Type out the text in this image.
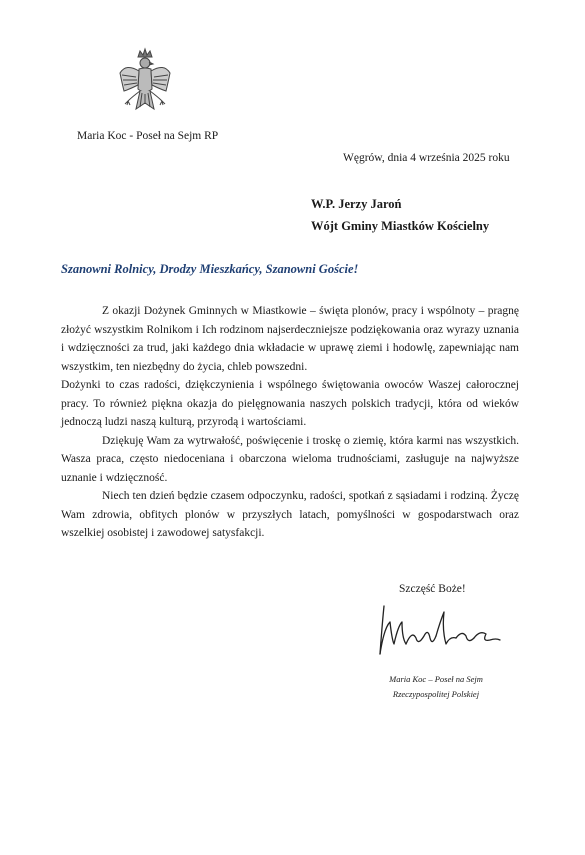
Maria Koc - Poseł na Sejm RP
Węgrów, dnia 4 września 2025 roku
W.P. Jerzy Jaroń
Wójt Gminy Miastków Kościelny
Szanowni Rolnicy, Drodzy Mieszkańcy, Szanowni Goście!

Z okazji Dożynek Gminnych w Miastkowie – święta plonów, pracy i wspólnoty – pragnę złożyć wszystkim Rolnikom i Ich rodzinom najserdeczniejsze podziękowania oraz wyrazy uznania i wdzięczności za trud, jaki każdego dnia wkładacie w uprawę ziemi i hodowlę, zapewniając nam wszystkim, ten niezbędny do życia, chleb powszedni.

Dożynki to czas radości, dziękczynienia i wspólnego świętowania owoców Waszej całorocznej pracy. To również piękna okazja do pielęgnowania naszych polskich tradycji, która od wieków jednoczą ludzi naszą kulturą, przyrodą i wartościami.

Dziękuję Wam za wytrwałość, poświęcenie i troskę o ziemię, która karmi nas wszystkich. Wasza praca, często niedoceniana i obarczona wieloma trudnościami, zasługuje na najwyższe uznanie i wdzięczność.

Niech ten dzień będzie czasem odpoczynku, radości, spotkań z sąsiadami i rodziną. Życzę Wam zdrowia, obfitych plonów w przyszłych latach, pomyślności w gospodarstwach oraz wszelkiej osobistej i zawodowej satysfakcji.

Szczęść Boże!
Maria Koc – Poseł na Sejm
Rzeczypospolitej Polskiej
